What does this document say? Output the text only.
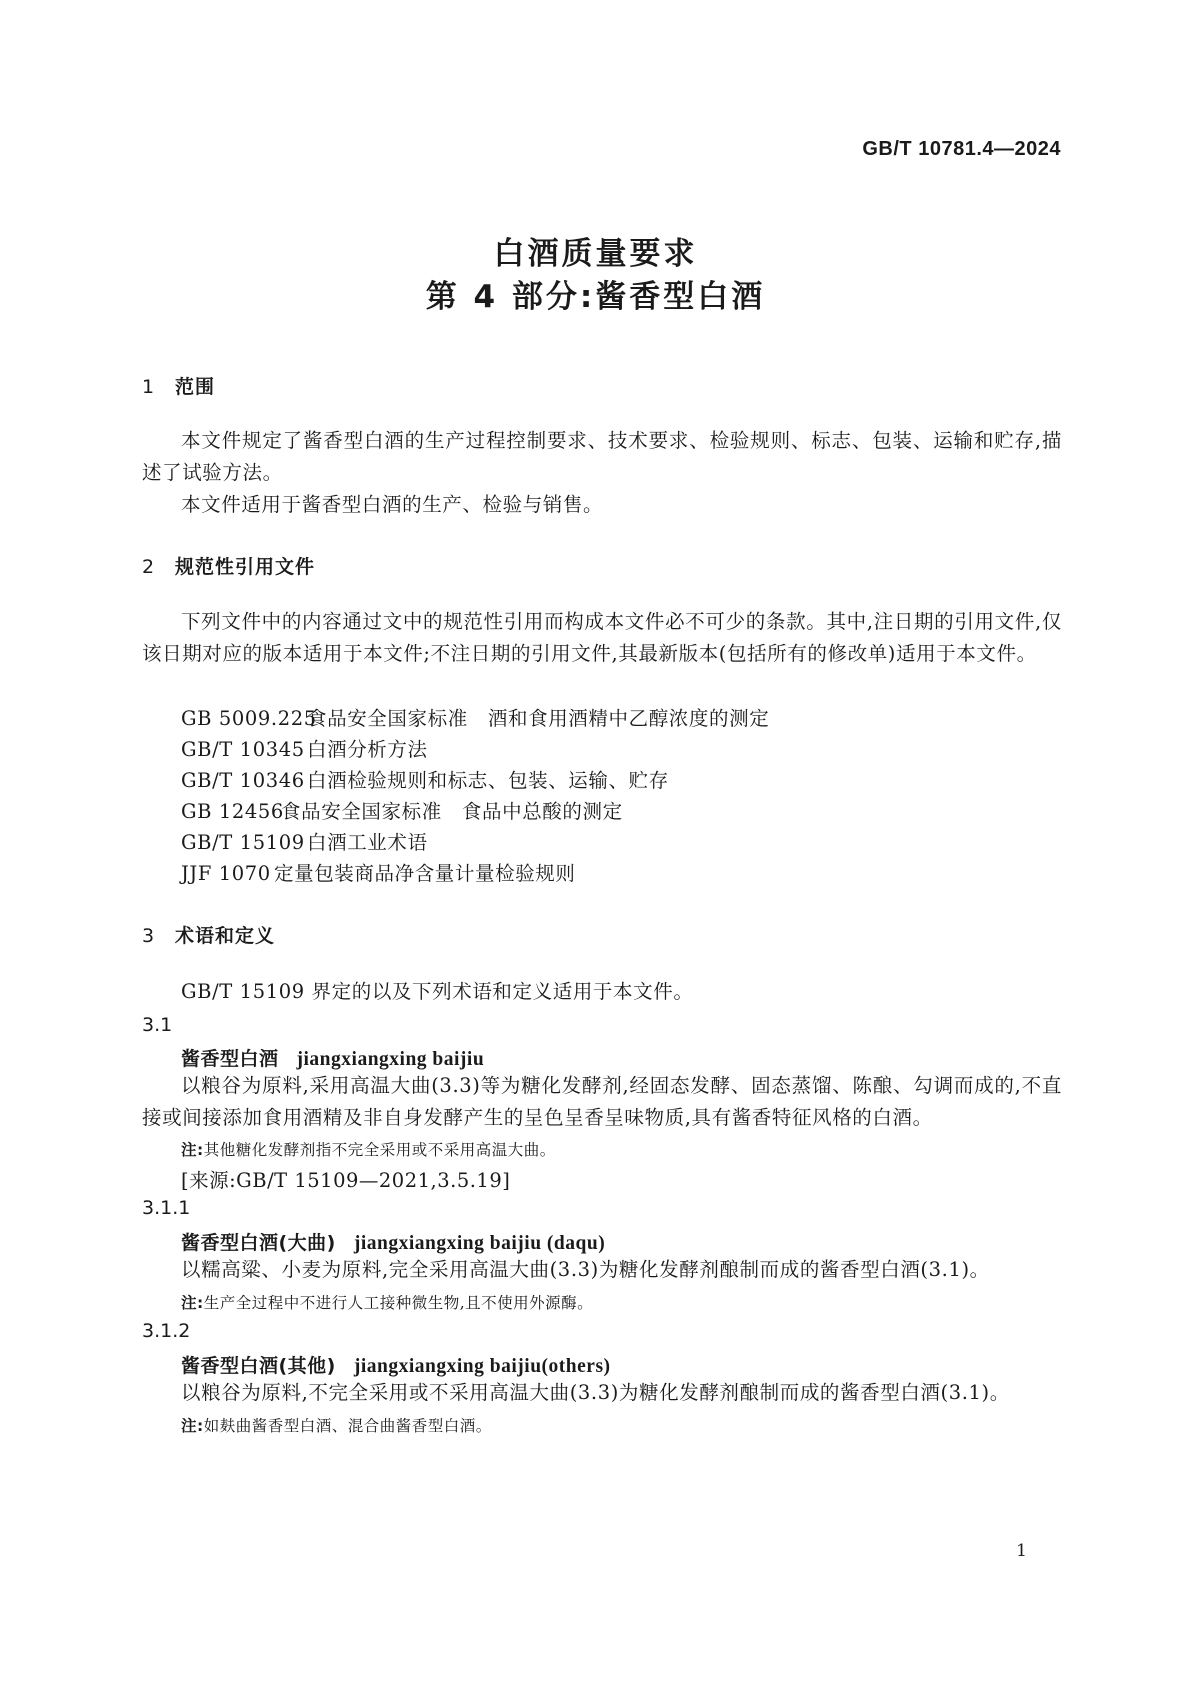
GB/T 10781.4—2024
白酒质量要求
第 4 部分:酱香型白酒
1 范围
本文件规定了酱香型白酒的生产过程控制要求、技术要求、检验规则、标志、包装、运输和贮存,描述了试验方法。
本文件适用于酱香型白酒的生产、检验与销售。
2 规范性引用文件
下列文件中的内容通过文中的规范性引用而构成本文件必不可少的条款。其中,注日期的引用文件,仅该日期对应的版本适用于本文件;不注日期的引用文件,其最新版本(包括所有的修改单)适用于本文件。
GB 5009.225食品安全国家标准　酒和食用酒精中乙醇浓度的测定
GB/T 10345 白酒分析方法
GB/T 10346 白酒检验规则和标志、包装、运输、贮存
GB 12456食品安全国家标准　食品中总酸的测定
GB/T 15109 白酒工业术语
JJF 1070 定量包装商品净含量计量检验规则
3 术语和定义
GB/T 15109 界定的以及下列术语和定义适用于本文件。
3.1
酱香型白酒 jiangxiangxing baijiu
以粮谷为原料,采用高温大曲(3.3)等为糖化发酵剂,经固态发酵、固态蒸馏、陈酿、勾调而成的,不直接或间接添加食用酒精及非自身发酵产生的呈色呈香呈味物质,具有酱香特征风格的白酒。
注:其他糖化发酵剂指不完全采用或不采用高温大曲。
[来源:GB/T 15109—2021,3.5.19]
3.1.1
酱香型白酒(大曲) jiangxiangxing baijiu (daqu)
以糯高粱、小麦为原料,完全采用高温大曲(3.3)为糖化发酵剂酿制而成的酱香型白酒(3.1)。
注:生产全过程中不进行人工接种微生物,且不使用外源酶。
3.1.2
酱香型白酒(其他) jiangxiangxing baijiu(others)
以粮谷为原料,不完全采用或不采用高温大曲(3.3)为糖化发酵剂酿制而成的酱香型白酒(3.1)。
注:如麸曲酱香型白酒、混合曲酱香型白酒。
1
